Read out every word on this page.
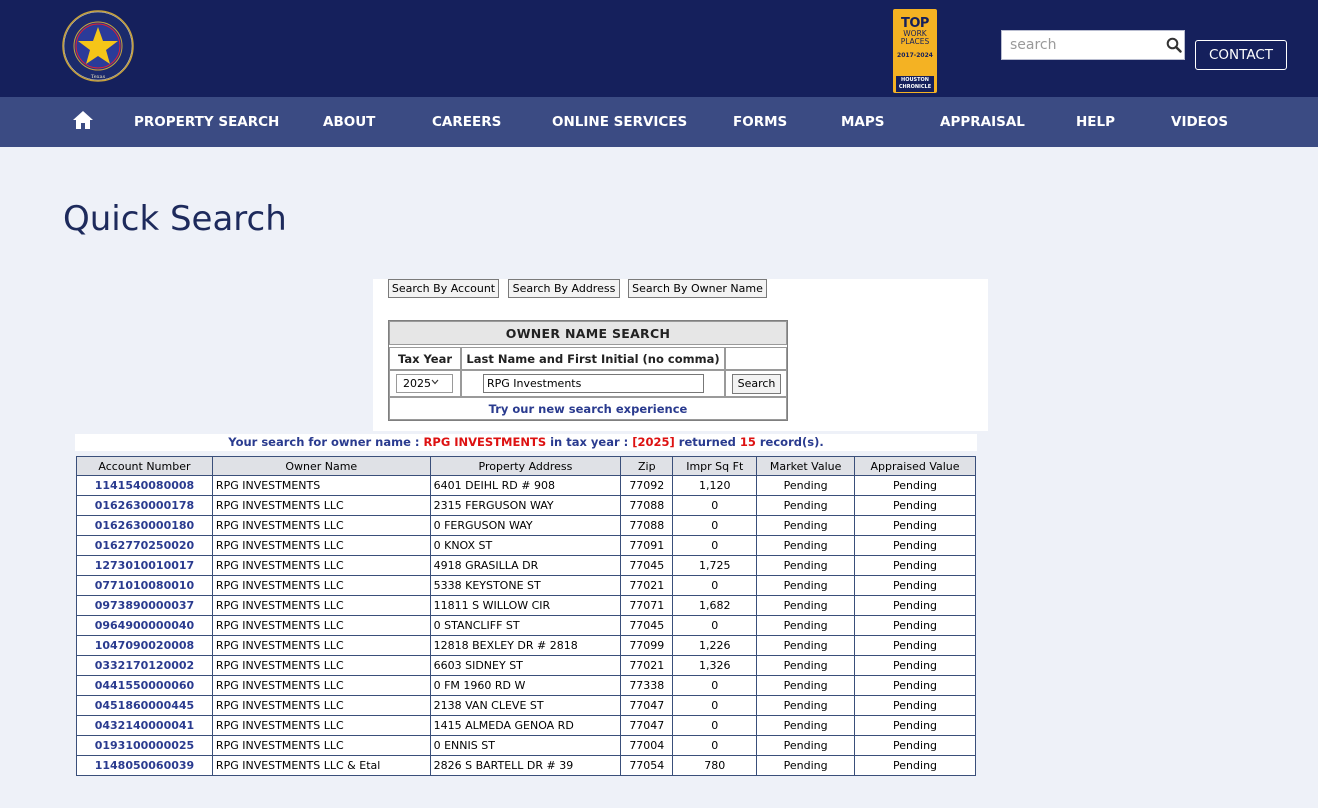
Texas
TOP
WORK
PLACES
2017-2024
HOUSTON CHRONICLE
search
CONTACT
PROPERTY SEARCH	ABOUT	CAREERS	ONLINE SERVICES	FORMS	MAPS	APPRAISAL	HELP	VIDEOS
Quick Search
Search By Account	Search By Address	Search By Owner Name
OWNER NAME SEARCH
Tax Year	Last Name and First Initial (no comma)
2025
RPG Investments	Search
Try our new search experience
Your search for owner name : RPG INVESTMENTS in tax year : [2025] returned 15 record(s).
Account Number	Owner Name	Property Address	Zip	Impr Sq Ft	Market Value	Appraised Value
1141540080008	RPG INVESTMENTS	6401 DEIHL RD # 908	77092	1,120	Pending	Pending
0162630000178	RPG INVESTMENTS LLC	2315 FERGUSON WAY	77088	0	Pending	Pending
0162630000180	RPG INVESTMENTS LLC	0 FERGUSON WAY	77088	0	Pending	Pending
0162770250020	RPG INVESTMENTS LLC	0 KNOX ST	77091	0	Pending	Pending
1273010010017	RPG INVESTMENTS LLC	4918 GRASILLA DR	77045	1,725	Pending	Pending
0771010080010	RPG INVESTMENTS LLC	5338 KEYSTONE ST	77021	0	Pending	Pending
0973890000037	RPG INVESTMENTS LLC	11811 S WILLOW CIR	77071	1,682	Pending	Pending
0964900000040	RPG INVESTMENTS LLC	0 STANCLIFF ST	77045	0	Pending	Pending
1047090020008	RPG INVESTMENTS LLC	12818 BEXLEY DR # 2818	77099	1,226	Pending	Pending
0332170120002	RPG INVESTMENTS LLC	6603 SIDNEY ST	77021	1,326	Pending	Pending
0441550000060	RPG INVESTMENTS LLC	0 FM 1960 RD W	77338	0	Pending	Pending
0451860000445	RPG INVESTMENTS LLC	2138 VAN CLEVE ST	77047	0	Pending	Pending
0432140000041	RPG INVESTMENTS LLC	1415 ALMEDA GENOA RD	77047	0	Pending	Pending
0193100000025	RPG INVESTMENTS LLC	0 ENNIS ST	77004	0	Pending	Pending
1148050060039	RPG INVESTMENTS LLC & Etal	2826 S BARTELL DR # 39	77054	780	Pending	Pending
